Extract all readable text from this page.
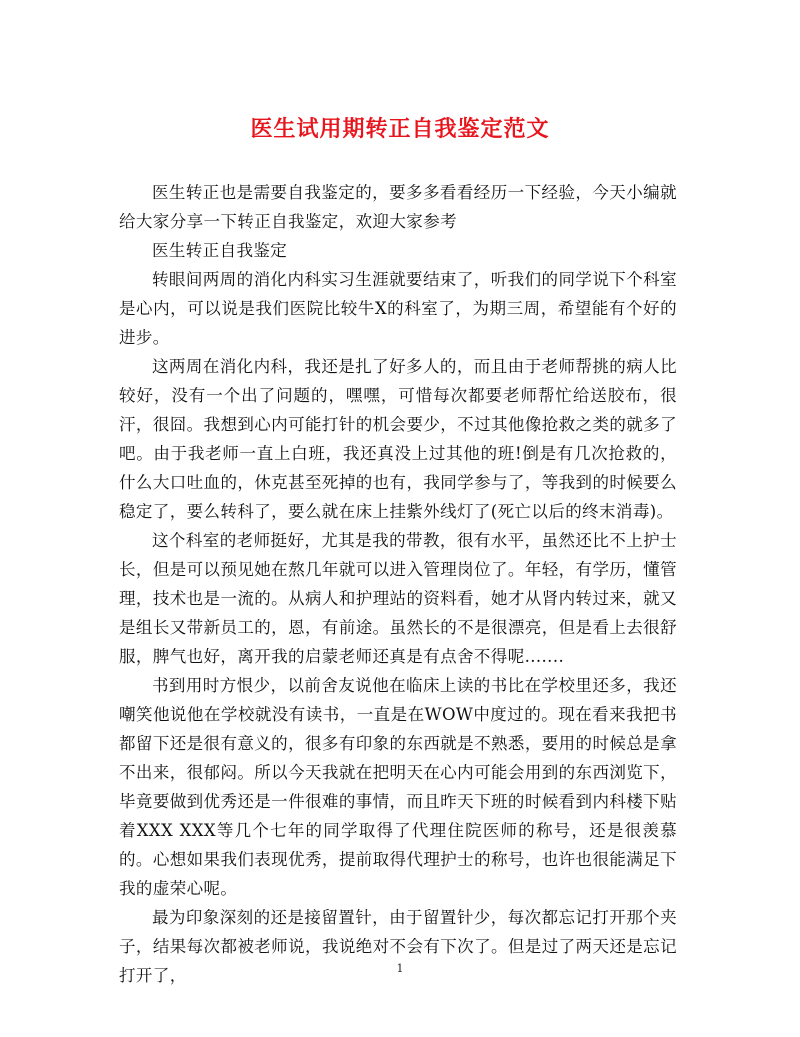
医生试用期转正自我鉴定范文

医生转正也是需要自我鉴定的，要多多看看经历一下经验，今天小编就给大家分享一下转正自我鉴定，欢迎大家参考

医生转正自我鉴定

转眼间两周的消化内科实习生涯就要结束了，听我们的同学说下个科室是心内，可以说是我们医院比较牛X的科室了，为期三周，希望能有个好的进步。

这两周在消化内科，我还是扎了好多人的，而且由于老师帮挑的病人比较好，没有一个出了问题的，嘿嘿，可惜每次都要老师帮忙给送胶布，很汗，很囧。我想到心内可能打针的机会要少，不过其他像抢救之类的就多了吧。由于我老师一直上白班，我还真没上过其他的班!倒是有几次抢救的，什么大口吐血的，休克甚至死掉的也有，我同学参与了，等我到的时候要么稳定了，要么转科了，要么就在床上挂紫外线灯了(死亡以后的终末消毒)。

这个科室的老师挺好，尤其是我的带教，很有水平，虽然还比不上护士长，但是可以预见她在熬几年就可以进入管理岗位了。年轻，有学历，懂管理，技术也是一流的。从病人和护理站的资料看，她才从肾内转过来，就又是组长又带新员工的，恩，有前途。虽然长的不是很漂亮，但是看上去很舒服，脾气也好，离开我的启蒙老师还真是有点舍不得呢.......

书到用时方恨少，以前舍友说他在临床上读的书比在学校里还多，我还嘲笑他说他在学校就没有读书，一直是在WOW中度过的。现在看来我把书都留下还是很有意义的，很多有印象的东西就是不熟悉，要用的时候总是拿不出来，很郁闷。所以今天我就在把明天在心内可能会用到的东西浏览下，毕竟要做到优秀还是一件很难的事情，而且昨天下班的时候看到内科楼下贴着XXX XXX等几个七年的同学取得了代理住院医师的称号，还是很羡慕的。心想如果我们表现优秀，提前取得代理护士的称号，也许也很能满足下我的虚荣心呢。

最为印象深刻的还是接留置针，由于留置针少，每次都忘记打开那个夹子，结果每次都被老师说，我说绝对不会有下次了。但是过了两天还是忘记打开了，	1
